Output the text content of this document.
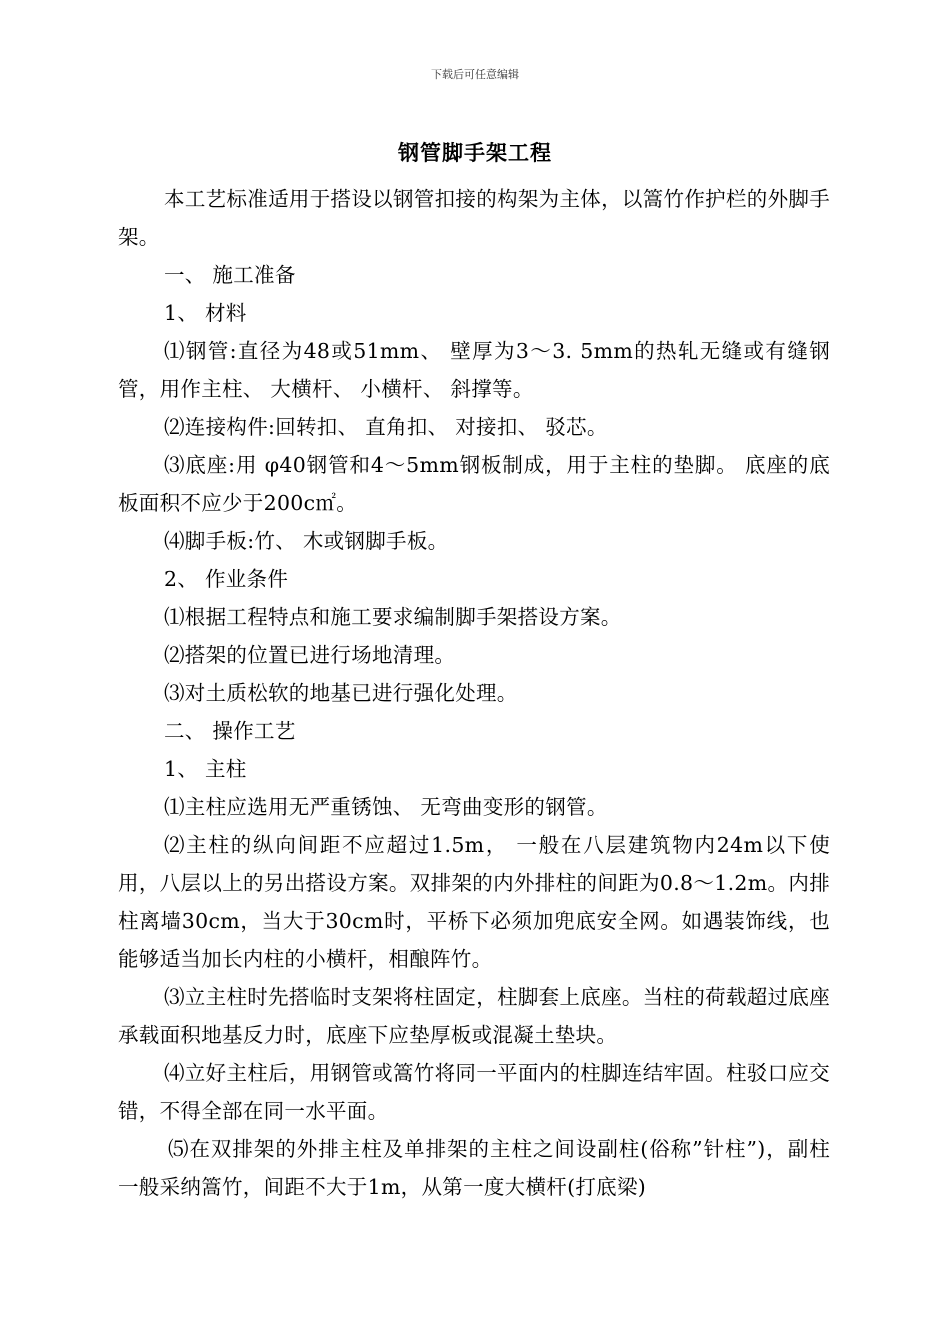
下载后可任意编辑
钢管脚手架工程

本工艺标准适用于搭设以钢管扣接的构架为主体，以篙竹作护栏的外脚手架。

一、 施工准备

1、 材料

⑴钢管:直径为48或51mm、 壁厚为3～3. 5mm的热轧无缝或有缝钢管，用作主柱、 大横杆、 小横杆、 斜撑等。

⑵连接构件:回转扣、 直角扣、 对接扣、 驳芯。

⑶底座:用 φ40钢管和4～5mm钢板制成，用于主柱的垫脚。 底座的底板面积不应少于200c㎡。

⑷脚手板:竹、 木或钢脚手板。

2、 作业条件

⑴根据工程特点和施工要求编制脚手架搭设方案。

⑵搭架的位置已进行场地清理。

⑶对土质松软的地基已进行强化处理。

二、 操作工艺

1、 主柱

⑴主柱应选用无严重锈蚀、 无弯曲变形的钢管。

⑵主柱的纵向间距不应超过1.5m， 一般在八层建筑物内24m以下使用，八层以上的另出搭设方案。双排架的内外排柱的间距为0.8～1.2m。内排柱离墙30cm，当大于30cm时，平桥下必须加兜底安全网。如遇装饰线，也能够适当加长内柱的小横杆，相酿阵竹。

⑶立主柱时先搭临时支架将柱固定，柱脚套上底座。当柱的荷载超过底座承载面积地基反力时，底座下应垫厚板或混凝土垫块。

⑷立好主柱后，用钢管或篙竹将同一平面内的柱脚连结牢固。柱驳口应交错，不得全部在同一水平面。

⑸在双排架的外排主柱及单排架的主柱之间设副柱(俗称”针柱”)，副柱一般采纳篙竹，间距不大于1m，从第一度大横杆(打底梁)
